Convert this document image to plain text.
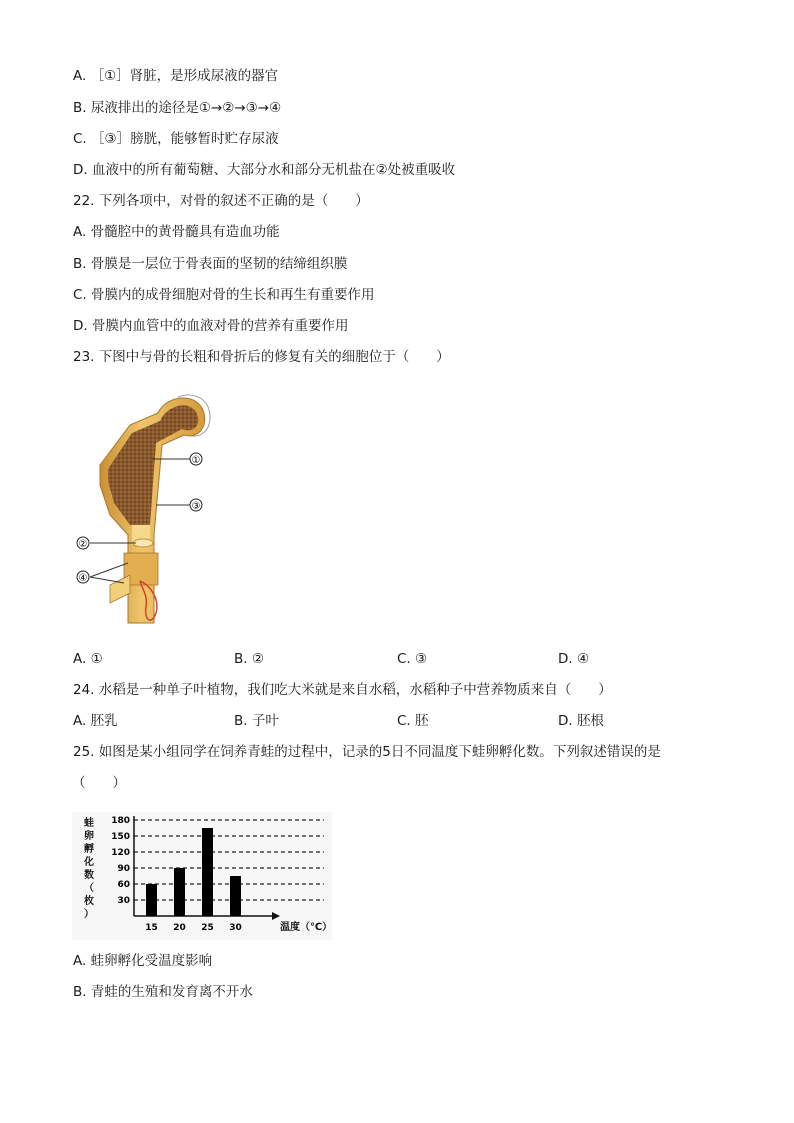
A. ［①］肾脏，是形成尿液的器官
B. 尿液排出的途径是①→②→③→④
C. ［③］膀胱，能够暂时贮存尿液
D. 血液中的所有葡萄糖、大部分水和部分无机盐在②处被重吸收
22. 下列各项中，对骨的叙述不正确的是（　　）
A. 骨髓腔中的黄骨髓具有造血功能
B. 骨膜是一层位于骨表面的坚韧的结缔组织膜
C. 骨膜内的成骨细胞对骨的生长和再生有重要作用
D. 骨膜内血管中的血液对骨的营养有重要作用
23. 下图中与骨的长粗和骨折后的修复有关的细胞位于（　　）
①
③
②
④
A. ①	B. ②	C. ③	D. ④
24. 水稻是一种单子叶植物，我们吃大米就是来自水稻，水稻种子中营养物质来自（　　）
A. 胚乳	B. 子叶	C. 胚	D. 胚根
25. 如图是某小组同学在饲养青蛙的过程中，记录的5日不同温度下蛙卵孵化数。下列叙述错误的是
（　　）
蛙卵孵化数（枚）
温度（℃）
30
60
90
120
150
180
15 20 25 30
A. 蛙卵孵化受温度影响
B. 青蛙的生殖和发育离不开水
